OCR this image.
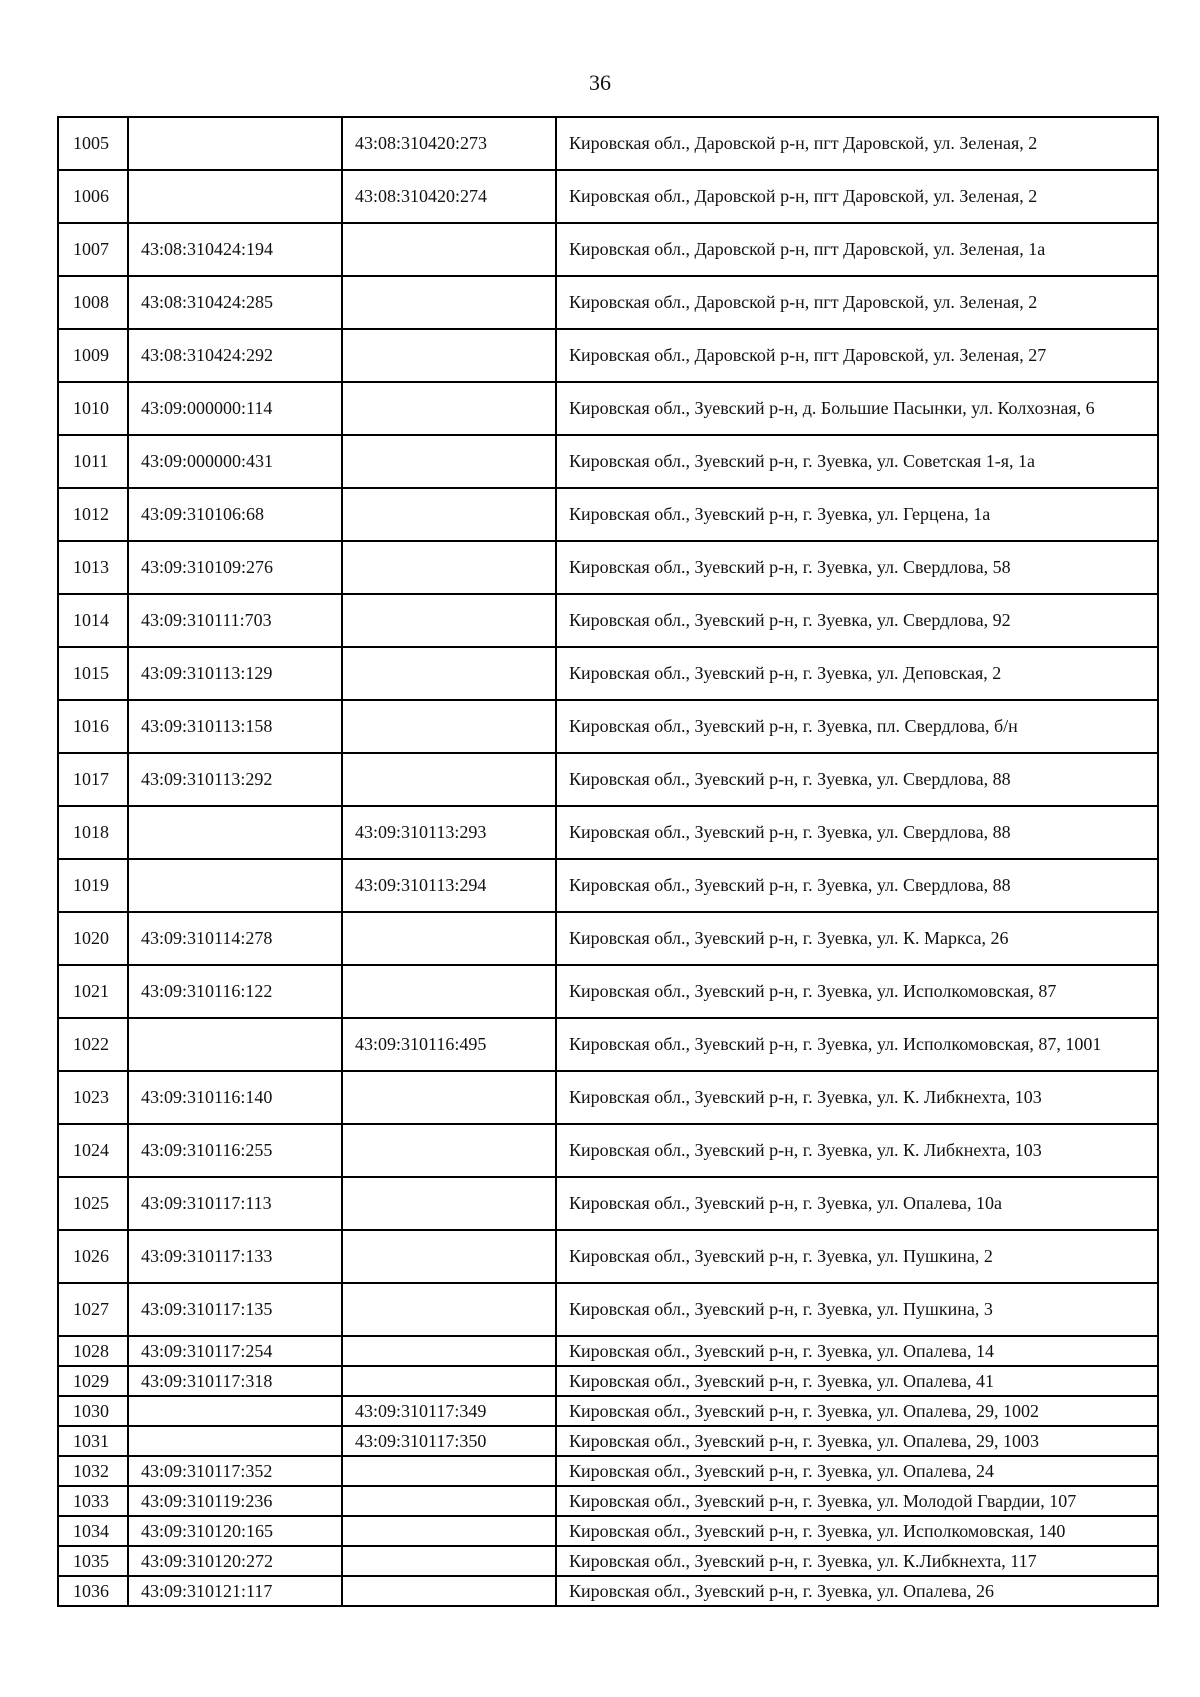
36
1005		43:08:310420:273	Кировская обл., Даровской р-н, пгт Даровской, ул. Зеленая, 2
1006		43:08:310420:274	Кировская обл., Даровской р-н, пгт Даровской, ул. Зеленая, 2
1007	43:08:310424:194		Кировская обл., Даровской р-н, пгт Даровской, ул. Зеленая, 1а
1008	43:08:310424:285		Кировская обл., Даровской р-н, пгт Даровской, ул. Зеленая, 2
1009	43:08:310424:292		Кировская обл., Даровской р-н, пгт Даровской, ул. Зеленая, 27
1010	43:09:000000:114		Кировская обл., Зуевский р-н, д. Большие Пасынки, ул. Колхозная, 6
1011	43:09:000000:431		Кировская обл., Зуевский р-н, г. Зуевка, ул. Советская 1-я, 1а
1012	43:09:310106:68		Кировская обл., Зуевский р-н, г. Зуевка, ул. Герцена, 1а
1013	43:09:310109:276		Кировская обл., Зуевский р-н, г. Зуевка, ул. Свердлова, 58
1014	43:09:310111:703		Кировская обл., Зуевский р-н, г. Зуевка, ул. Свердлова, 92
1015	43:09:310113:129		Кировская обл., Зуевский р-н, г. Зуевка, ул. Деповская, 2
1016	43:09:310113:158		Кировская обл., Зуевский р-н, г. Зуевка, пл. Свердлова, б/н
1017	43:09:310113:292		Кировская обл., Зуевский р-н, г. Зуевка, ул. Свердлова, 88
1018		43:09:310113:293	Кировская обл., Зуевский р-н, г. Зуевка, ул. Свердлова, 88
1019		43:09:310113:294	Кировская обл., Зуевский р-н, г. Зуевка, ул. Свердлова, 88
1020	43:09:310114:278		Кировская обл., Зуевский р-н, г. Зуевка, ул. К. Маркса, 26
1021	43:09:310116:122		Кировская обл., Зуевский р-н, г. Зуевка, ул. Исполкомовская, 87
1022		43:09:310116:495	Кировская обл., Зуевский р-н, г. Зуевка, ул. Исполкомовская, 87, 1001
1023	43:09:310116:140		Кировская обл., Зуевский р-н, г. Зуевка, ул. К. Либкнехта, 103
1024	43:09:310116:255		Кировская обл., Зуевский р-н, г. Зуевка, ул. К. Либкнехта, 103
1025	43:09:310117:113		Кировская обл., Зуевский р-н, г. Зуевка, ул. Опалева, 10а
1026	43:09:310117:133		Кировская обл., Зуевский р-н, г. Зуевка, ул. Пушкина, 2
1027	43:09:310117:135		Кировская обл., Зуевский р-н, г. Зуевка, ул. Пушкина, 3
1028	43:09:310117:254		Кировская обл., Зуевский р-н, г. Зуевка, ул. Опалева, 14
1029	43:09:310117:318		Кировская обл., Зуевский р-н, г. Зуевка, ул. Опалева, 41
1030		43:09:310117:349	Кировская обл., Зуевский р-н, г. Зуевка, ул. Опалева, 29, 1002
1031		43:09:310117:350	Кировская обл., Зуевский р-н, г. Зуевка, ул. Опалева, 29, 1003
1032	43:09:310117:352		Кировская обл., Зуевский р-н, г. Зуевка, ул. Опалева, 24
1033	43:09:310119:236		Кировская обл., Зуевский р-н, г. Зуевка, ул. Молодой Гвардии, 107
1034	43:09:310120:165		Кировская обл., Зуевский р-н, г. Зуевка, ул. Исполкомовская, 140
1035	43:09:310120:272		Кировская обл., Зуевский р-н, г. Зуевка, ул. К.Либкнехта, 117
1036	43:09:310121:117		Кировская обл., Зуевский р-н, г. Зуевка, ул. Опалева, 26
